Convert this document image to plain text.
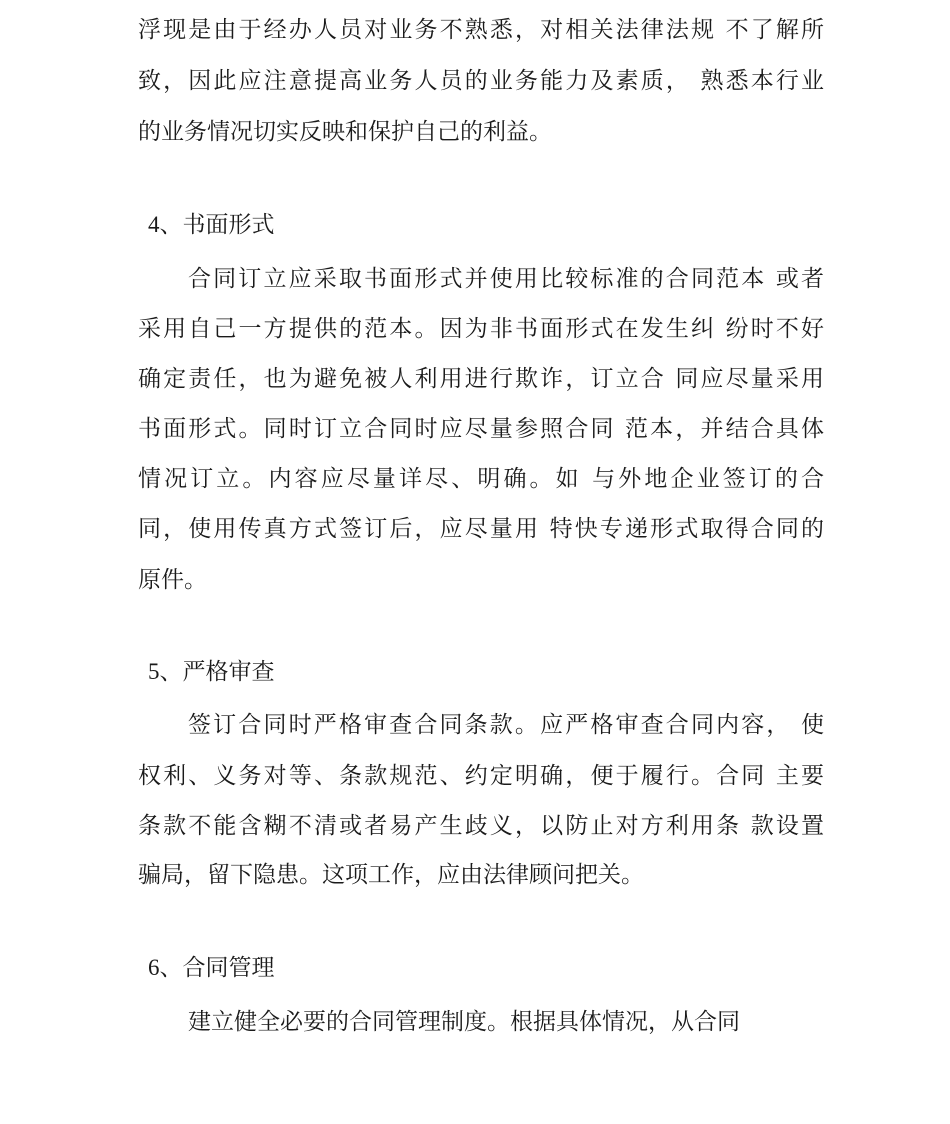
浮现是由于经办人员对业务不熟悉，对相关法律法规 不了解所
致，因此应注意提高业务人员的业务能力及素质， 熟悉本行业
的业务情况切实反映和保护自己的利益。
4、书面形式
合同订立应采取书面形式并使用比较标准的合同范本 或者
采用自己一方提供的范本。因为非书面形式在发生纠 纷时不好
确定责任，也为避免被人利用进行欺诈，订立合 同应尽量采用
书面形式。同时订立合同时应尽量参照合同 范本，并结合具体
情况订立。内容应尽量详尽、明确。如 与外地企业签订的合
同，使用传真方式签订后，应尽量用 特快专递形式取得合同的
原件。
5、严格审查
签订合同时严格审查合同条款。应严格审查合同内容， 使
权利、义务对等、条款规范、约定明确，便于履行。合同 主要
条款不能含糊不清或者易产生歧义，以防止对方利用条 款设置
骗局，留下隐患。这项工作，应由法律顾问把关。
6、合同管理
建立健全必要的合同管理制度。根据具体情况，从合同
